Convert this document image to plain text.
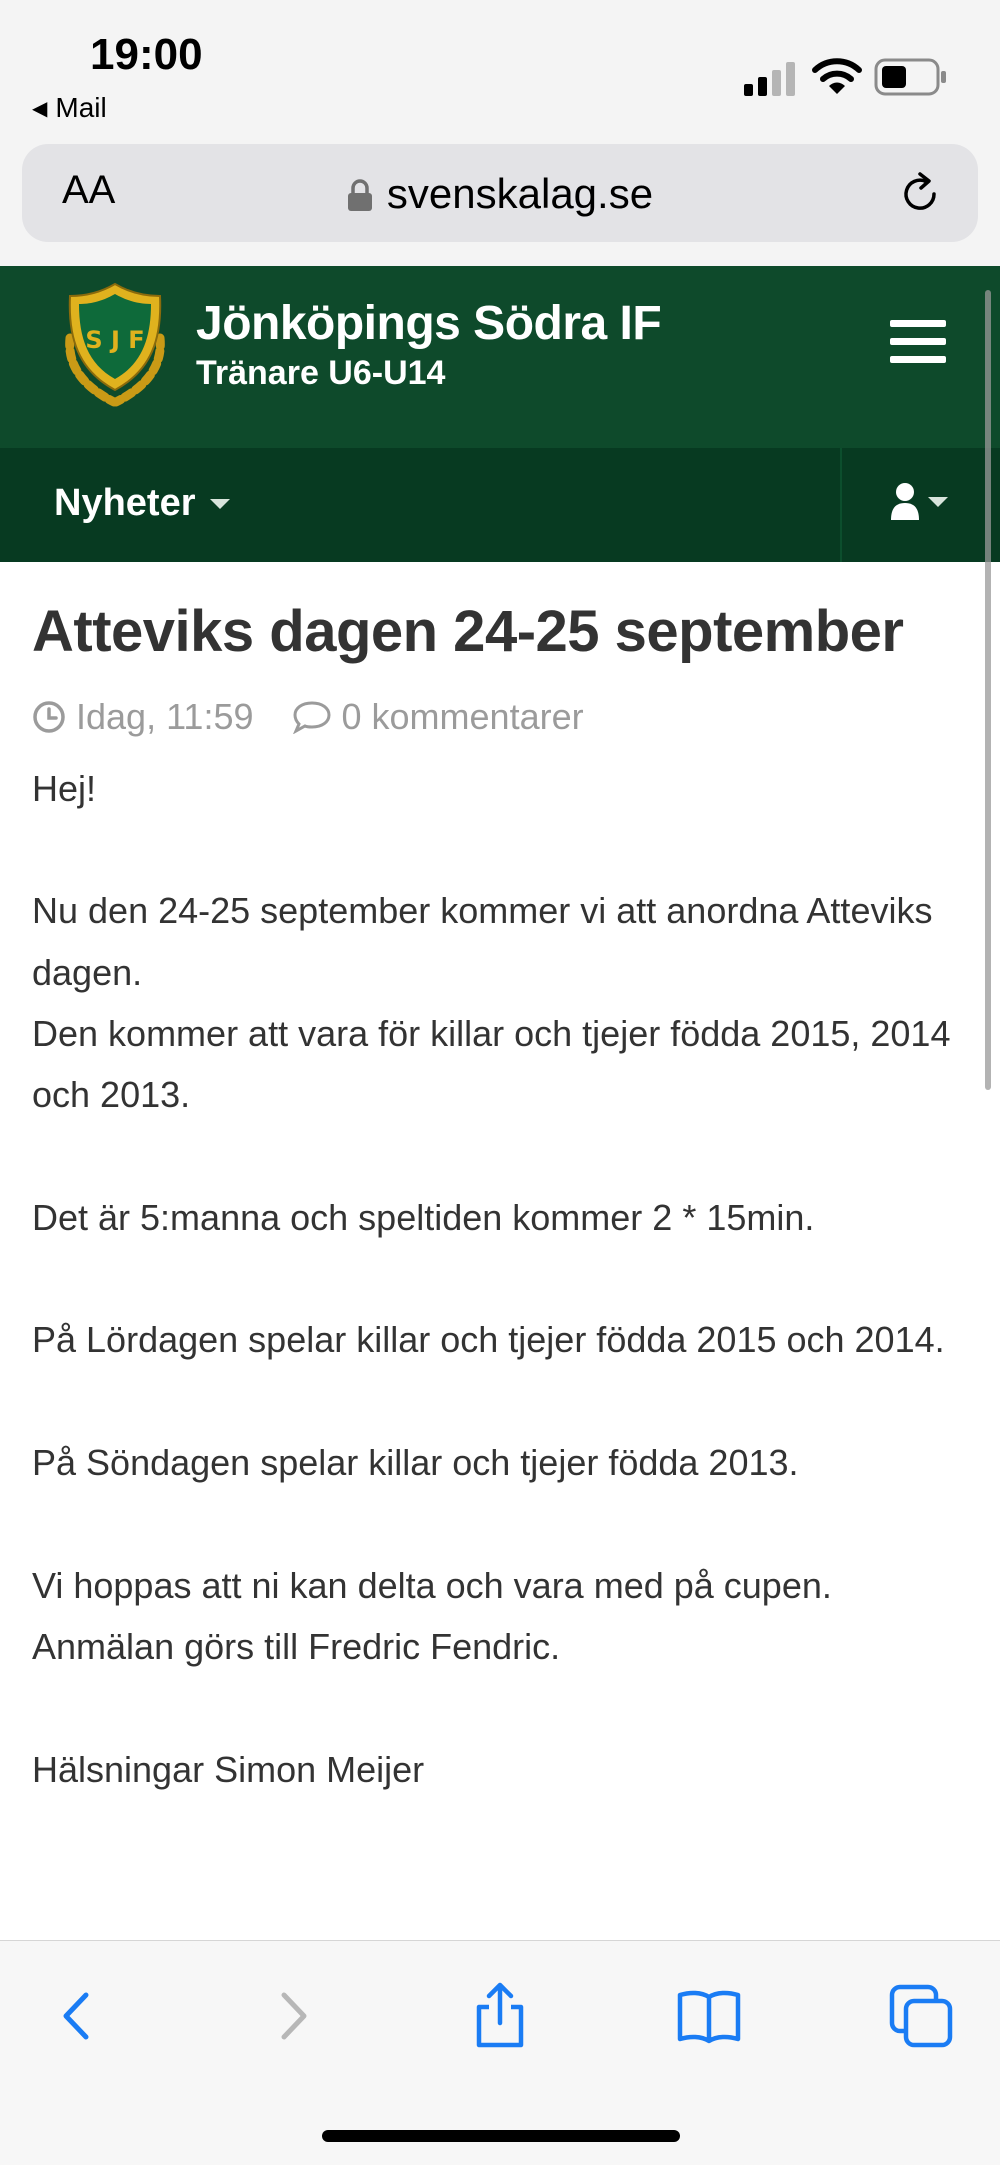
19:00
◀ Mail
AA	svenskalag.se
S J F Jönköpings Södra IF
Tränare U6-U14
Nyheter
Atteviks dagen 24-25 september
Idag, 11:59 0 kommentarer

Hej!

Nu den 24-25 september kommer vi att anordna Atteviks dagen.
Den kommer att vara för killar och tjejer födda 2015, 2014 och 2013.

Det är 5:manna och speltiden kommer 2 * 15min.

På Lördagen spelar killar och tjejer födda 2015 och 2014.

På Söndagen spelar killar och tjejer födda 2013.

Vi hoppas att ni kan delta och vara med på cupen.
Anmälan görs till Fredric Fendric.

Hälsningar Simon Meijer
